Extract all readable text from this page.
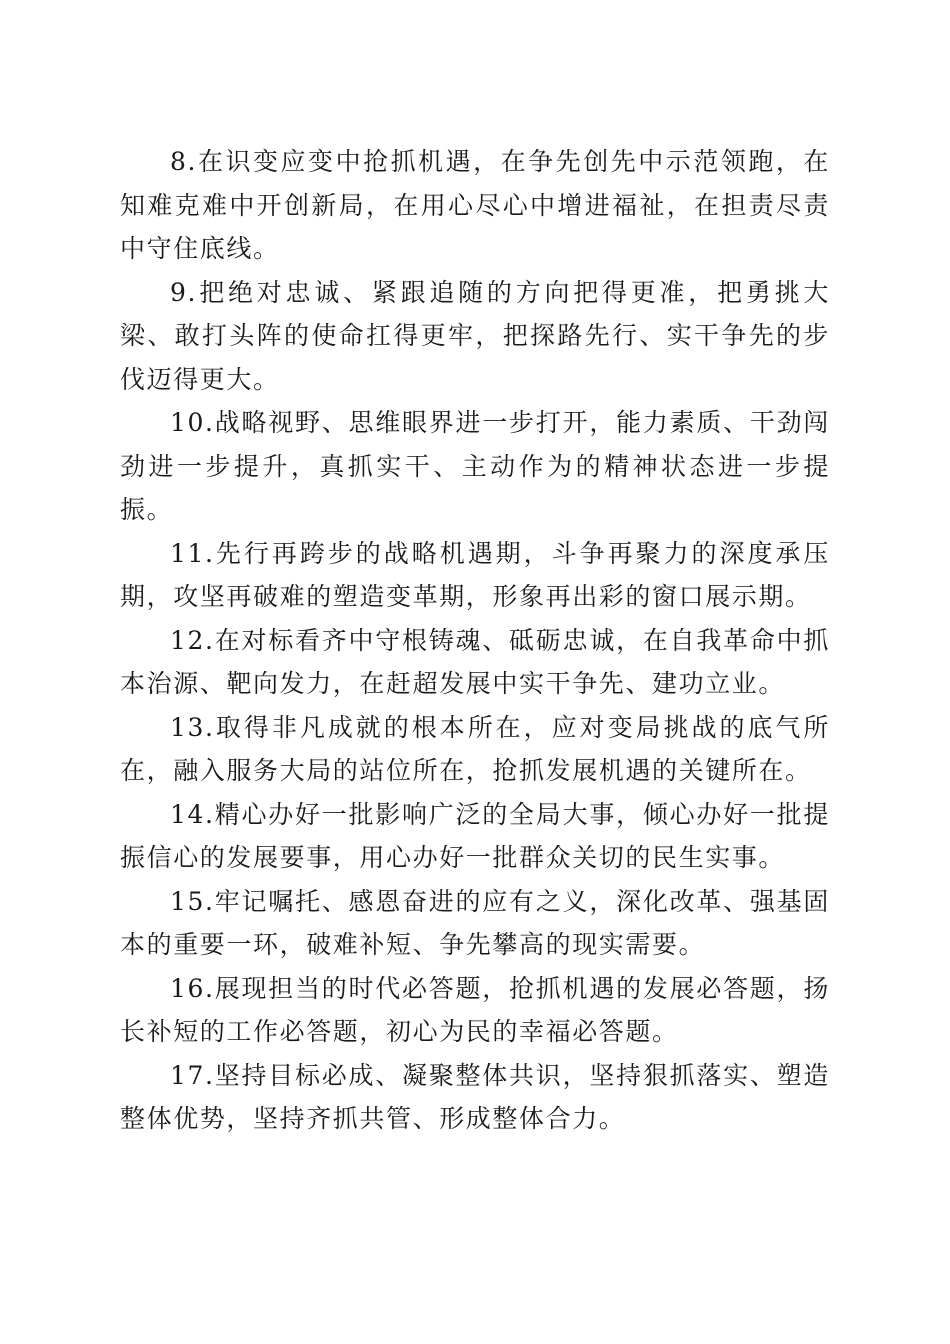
8.在识变应变中抢抓机遇，在争先创先中示范领跑，在知难克难中开创新局，在用心尽心中增进福祉，在担责尽责中守住底线。

9.把绝对忠诚、紧跟追随的方向把得更准，把勇挑大梁、敢打头阵的使命扛得更牢，把探路先行、实干争先的步伐迈得更大。

10.战略视野、思维眼界进一步打开，能力素质、干劲闯劲进一步提升，真抓实干、主动作为的精神状态进一步提振。

11.先行再跨步的战略机遇期，斗争再聚力的深度承压期，攻坚再破难的塑造变革期，形象再出彩的窗口展示期。

12.在对标看齐中守根铸魂、砥砺忠诚，在自我革命中抓本治源、靶向发力，在赶超发展中实干争先、建功立业。

13.取得非凡成就的根本所在，应对变局挑战的底气所在，融入服务大局的站位所在，抢抓发展机遇的关键所在。

14.精心办好一批影响广泛的全局大事，倾心办好一批提振信心的发展要事，用心办好一批群众关切的民生实事。

15.牢记嘱托、感恩奋进的应有之义，深化改革、强基固本的重要一环，破难补短、争先攀高的现实需要。

16.展现担当的时代必答题，抢抓机遇的发展必答题，扬长补短的工作必答题，初心为民的幸福必答题。

17.坚持目标必成、凝聚整体共识，坚持狠抓落实、塑造整体优势，坚持齐抓共管、形成整体合力。
